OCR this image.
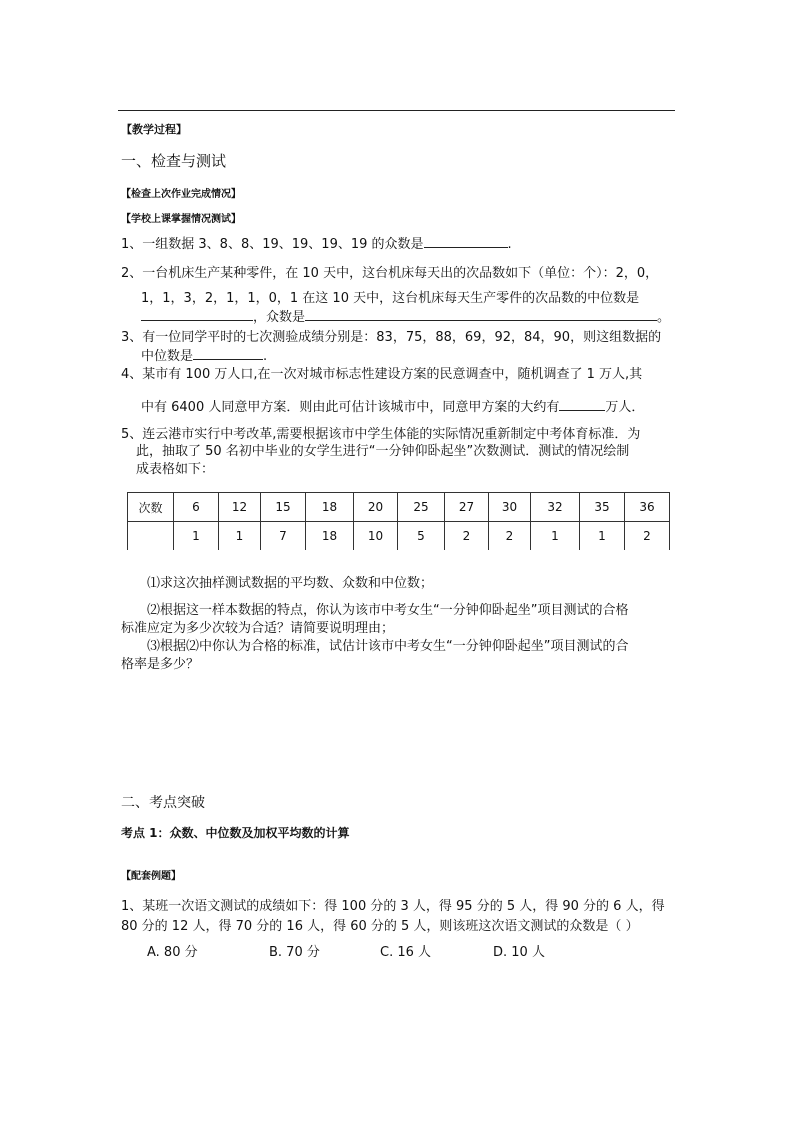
【教学过程】
一、检查与测试
【检查上次作业完成情况】
【学校上课掌握情况测试】
1、一组数据 3、8、8、19、19、19、19 的众数是	.
2、一台机床生产某种零件，在 10 天中，这台机床每天出的次品数如下（单位：个）：2，0，
1，1，3，2，1，1，0，1 在这 10 天中，这台机床每天生产零件的次品数的中位数是
，众数是	。
3、有一位同学平时的七次测验成绩分别是：83，75，88，69，92，84，90，则这组数据的
中位数是	.
4、某市有 100 万人口,在一次对城市标志性建设方案的民意调查中，随机调查了 1 万人,其
中有 6400 人同意甲方案．则由此可估计该城市中，同意甲方案的大约有	万人．
5、连云港市实行中考改革,需要根据该市中学生体能的实际情况重新制定中考体育标准．为
此，抽取了 50 名初中毕业的女学生进行“一分钟仰卧起坐”次数测试．测试的情况绘制
成表格如下：
次数	6	12	15	18	20	25	27	30	32	35	36
	1	1	7	18	10	5	2	2	1	1	2
⑴求这次抽样测试数据的平均数、众数和中位数；
⑵根据这一样本数据的特点，你认为该市中考女生“一分钟仰卧起坐”项目测试的合格
标准应定为多少次较为合适？请简要说明理由；
⑶根据⑵中你认为合格的标准，试估计该市中考女生“一分钟仰卧起坐”项目测试的合
格率是多少？
二、考点突破
考点 1：众数、中位数及加权平均数的计算
【配套例题】
1、某班一次语文测试的成绩如下：得 100 分的 3 人，得 95 分的 5 人，得 90 分的 6 人，得
80 分的 12 人，得 70 分的 16 人，得 60 分的 5 人，则该班这次语文测试的众数是（ ）
A. 80 分	B. 70 分	C. 16 人	D. 10 人
